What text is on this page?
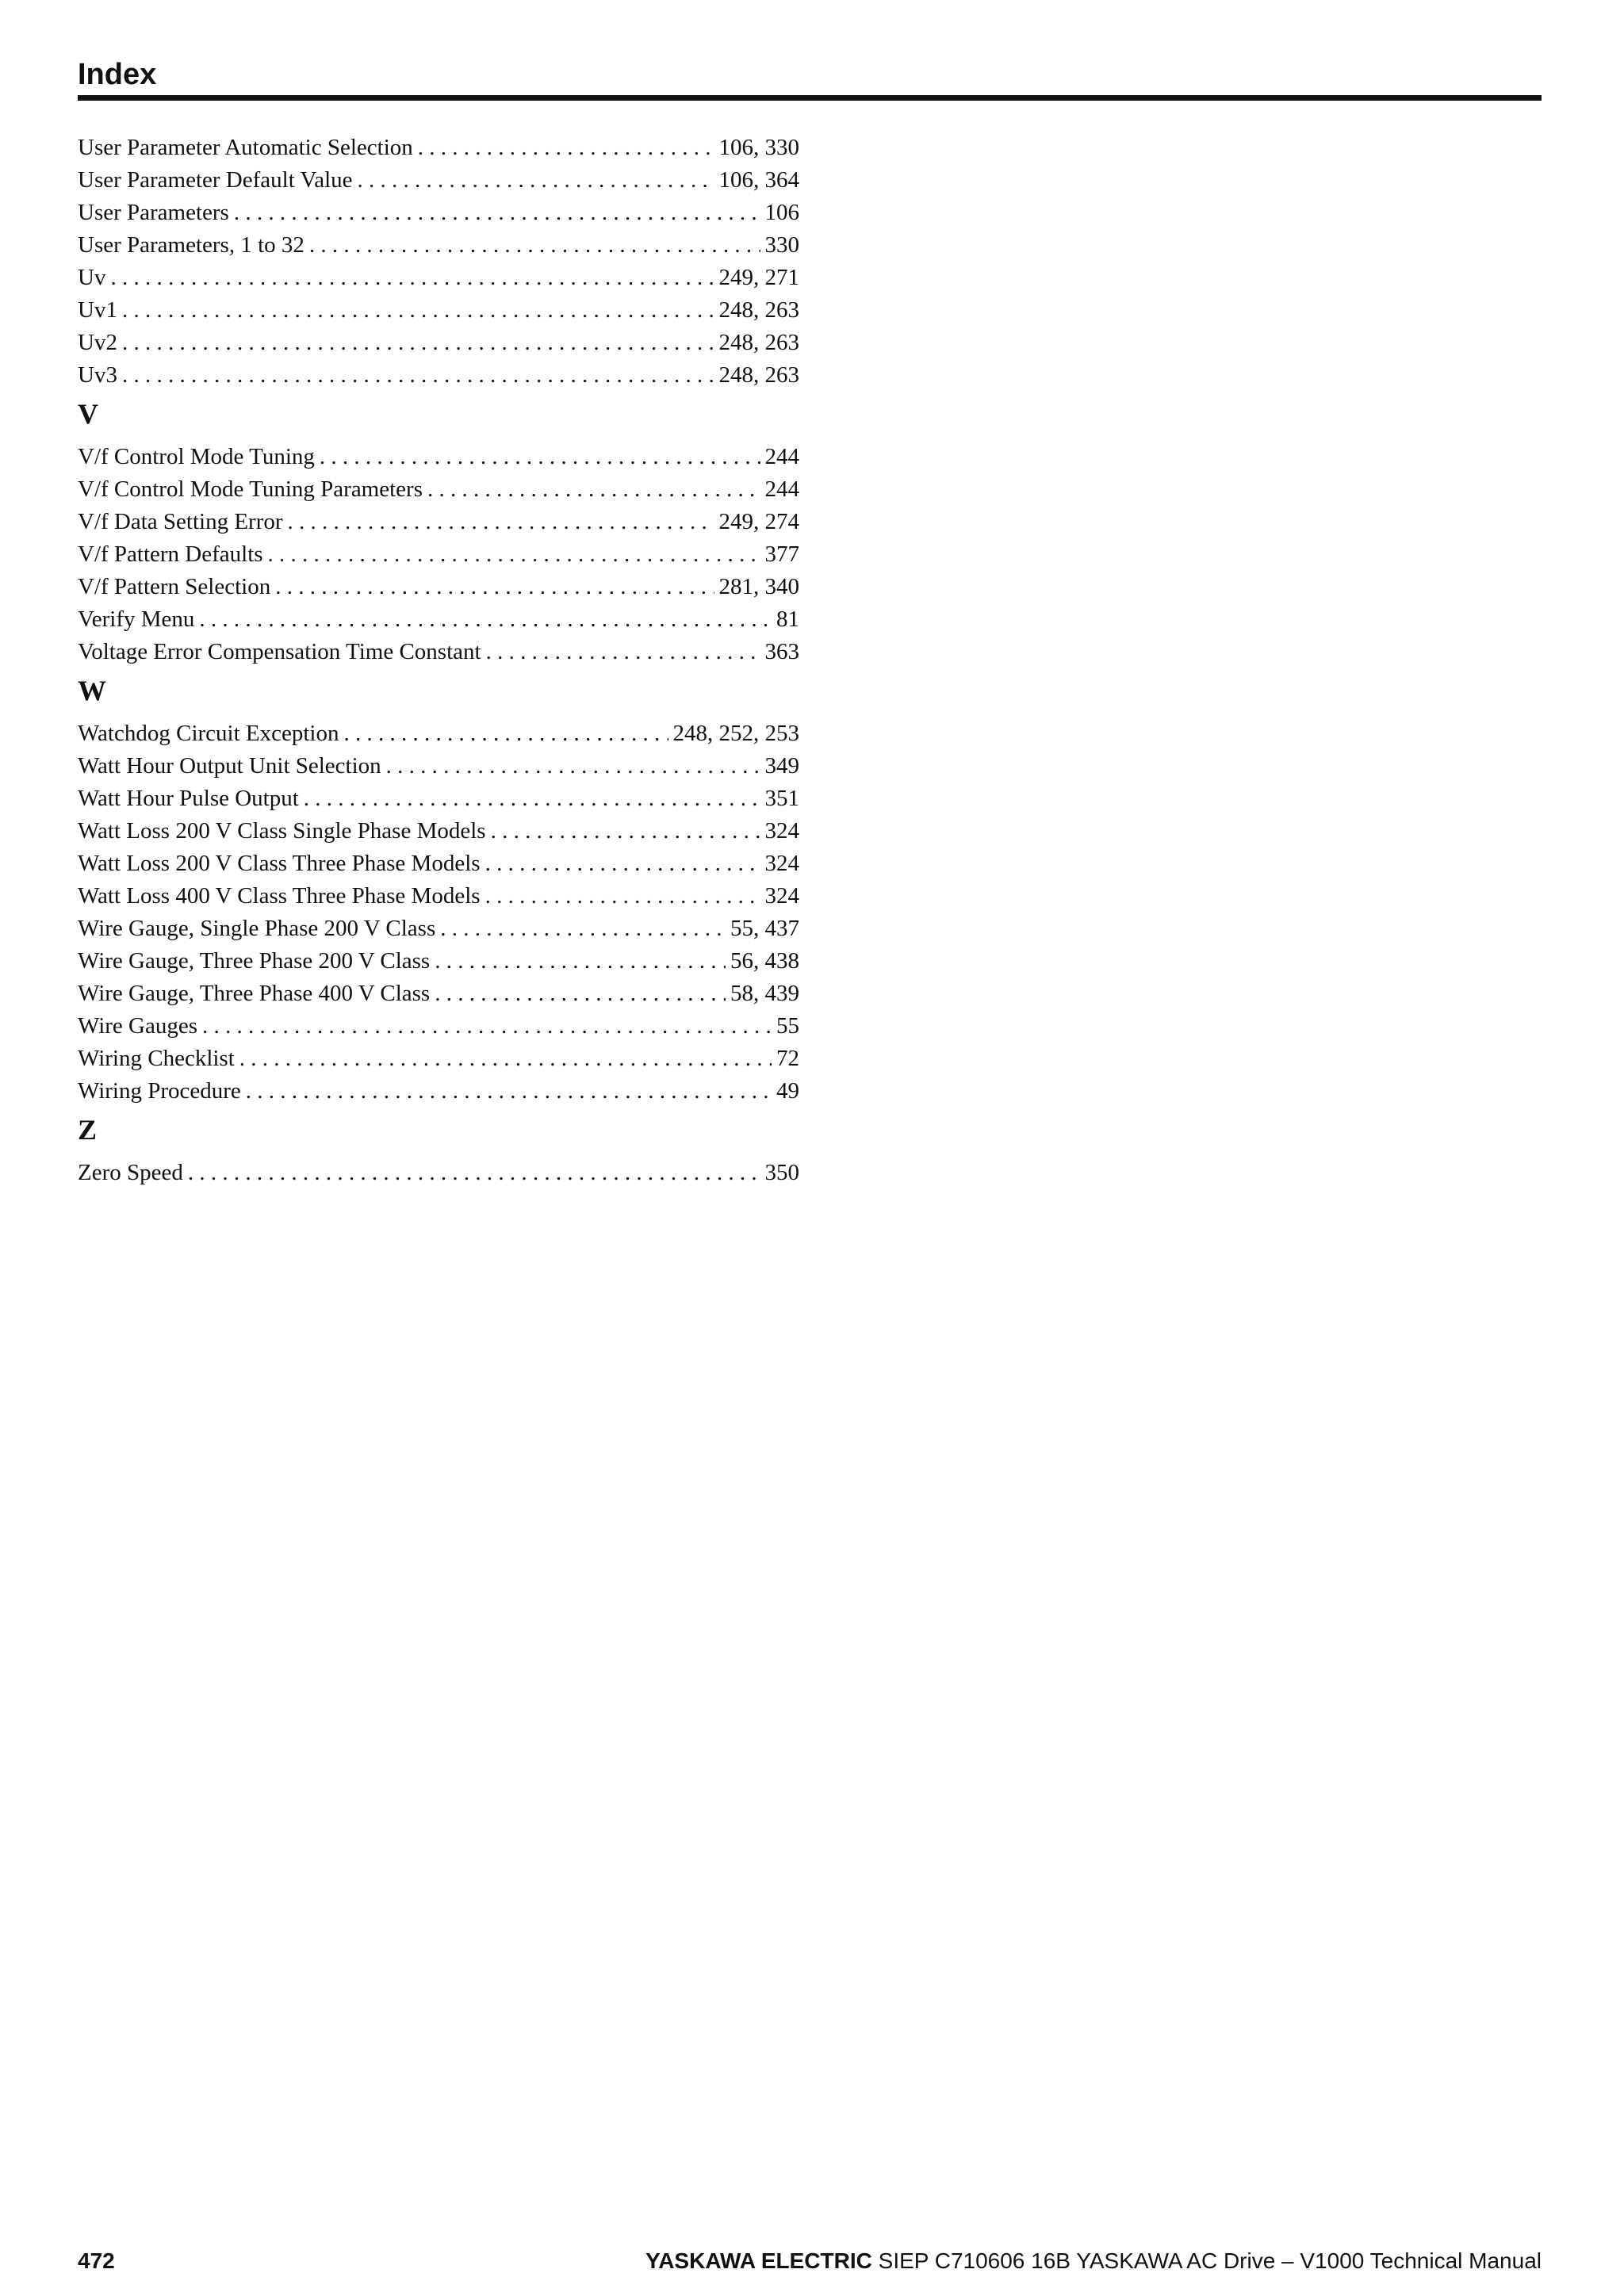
Index
User Parameter Automatic Selection . . .	106, 330
User Parameter Default Value . . .	106, 364
User Parameters . . .	106
User Parameters, 1 to 32 . . .	330
Uv . . .	249, 271
Uv1 . . .	248, 263
Uv2 . . .	248, 263
Uv3 . . .	248, 263
V
V/f Control Mode Tuning . . .	244
V/f Control Mode Tuning Parameters . . .	244
V/f Data Setting Error . . .	249, 274
V/f Pattern Defaults . . .	377
V/f Pattern Selection . . .	281, 340
Verify Menu . . .	81
Voltage Error Compensation Time Constant . . .	363
W
Watchdog Circuit Exception . . .	248, 252, 253
Watt Hour Output Unit Selection . . .	349
Watt Hour Pulse Output . . .	351
Watt Loss 200 V Class Single Phase Models . . .	324
Watt Loss 200 V Class Three Phase Models . . .	324
Watt Loss 400 V Class Three Phase Models . . .	324
Wire Gauge, Single Phase 200 V Class . . .	55, 437
Wire Gauge, Three Phase 200 V Class . . .	56, 438
Wire Gauge, Three Phase 400 V Class . . .	58, 439
Wire Gauges . . .	55
Wiring Checklist . . .	72
Wiring Procedure . . .	49
Z
Zero Speed . . .	350
472	YASKAWA ELECTRIC SIEP C710606 16B YASKAWA AC Drive – V1000 Technical Manual
